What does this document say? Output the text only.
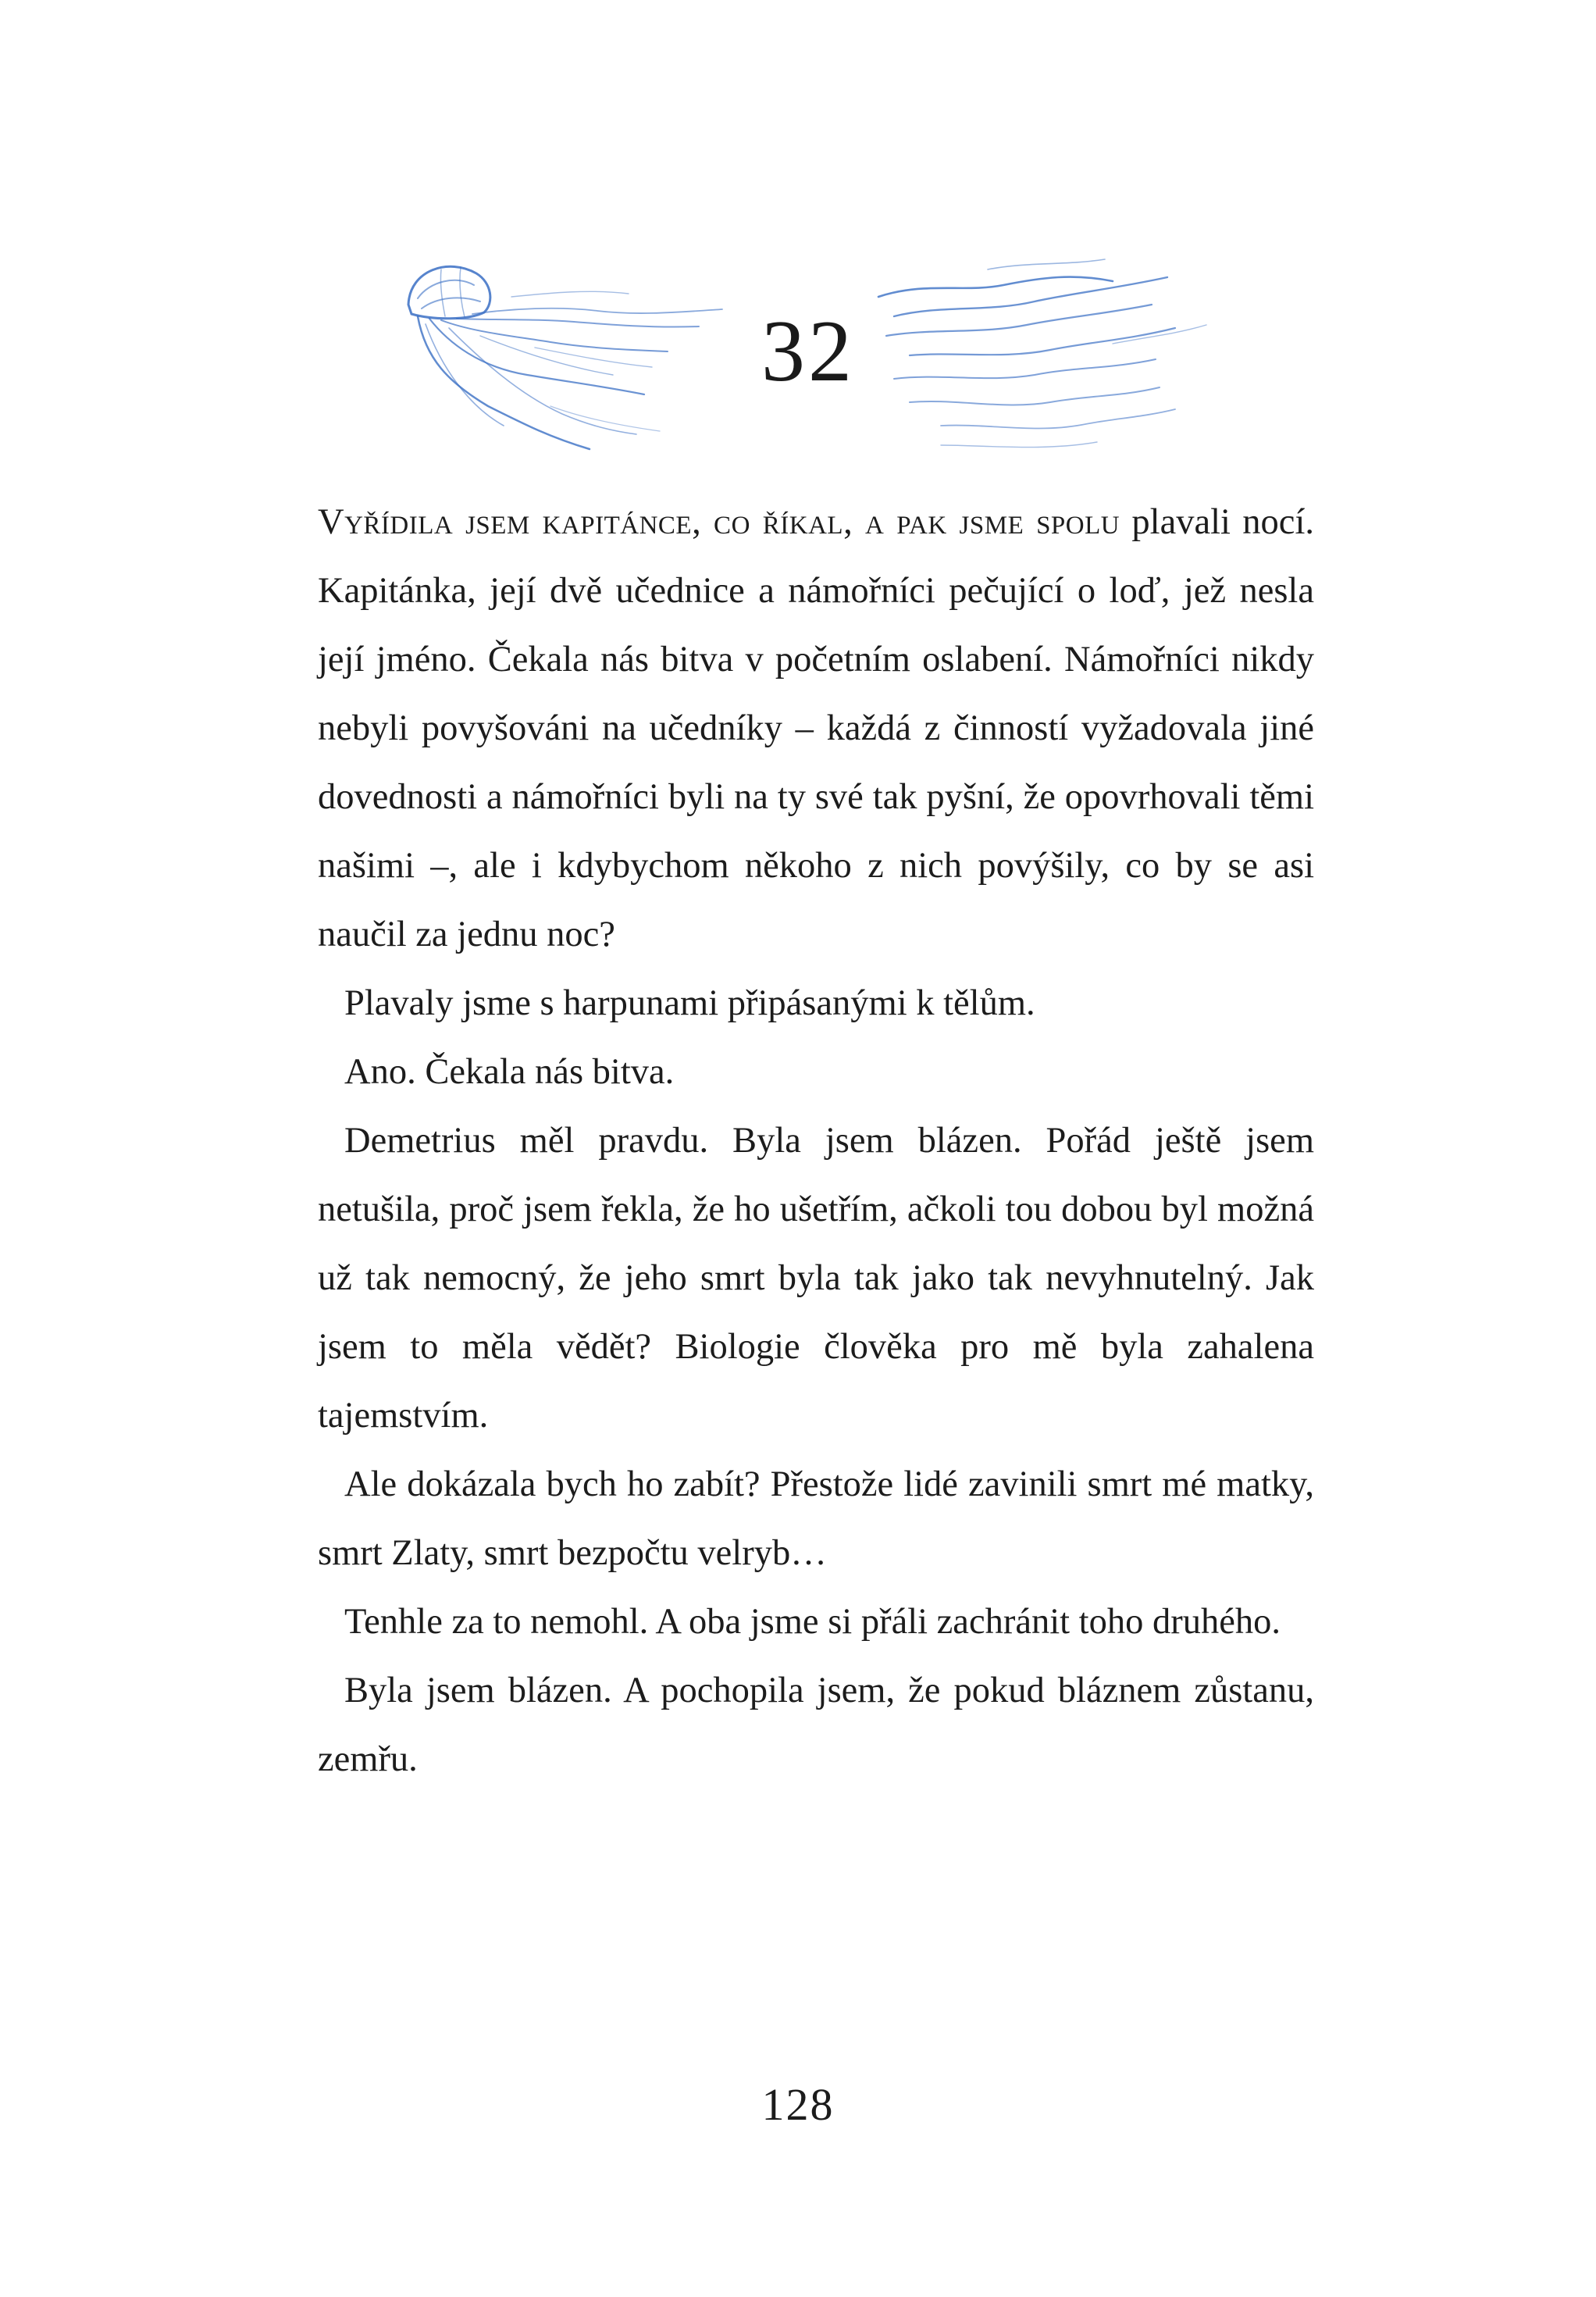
32

Vyřídila jsem kapitánce, co říkal, a pak jsme spolu plavali nocí. Kapitánka, její dvě učednice a námořníci pečující o loď, jež nesla její jméno. Čekala nás bitva v početním oslabení. Námořníci nikdy nebyli povyšováni na učedníky – každá z činností vyžadovala jiné dovednosti a námořníci byli na ty své tak pyšní, že opovrhovali těmi našimi –, ale i kdybychom někoho z nich povýšily, co by se asi naučil za jednu noc?

Plavaly jsme s harpunami připásanými k tělům.

Ano. Čekala nás bitva.

Demetrius měl pravdu. Byla jsem blázen. Pořád ještě jsem netušila, proč jsem řekla, že ho ušetřím, ačkoli tou dobou byl možná už tak nemocný, že jeho smrt byla tak jako tak nevyhnutelný. Jak jsem to měla vědět? Biologie člověka pro mě byla zahalena tajemstvím.

Ale dokázala bych ho zabít? Přestože lidé zavinili smrt mé matky, smrt Zlaty, smrt bezpočtu velryb…

Tenhle za to nemohl. A oba jsme si přáli zachránit toho druhého.

Byla jsem blázen. A pochopila jsem, že pokud bláznem zůstanu, zemřu.

128
